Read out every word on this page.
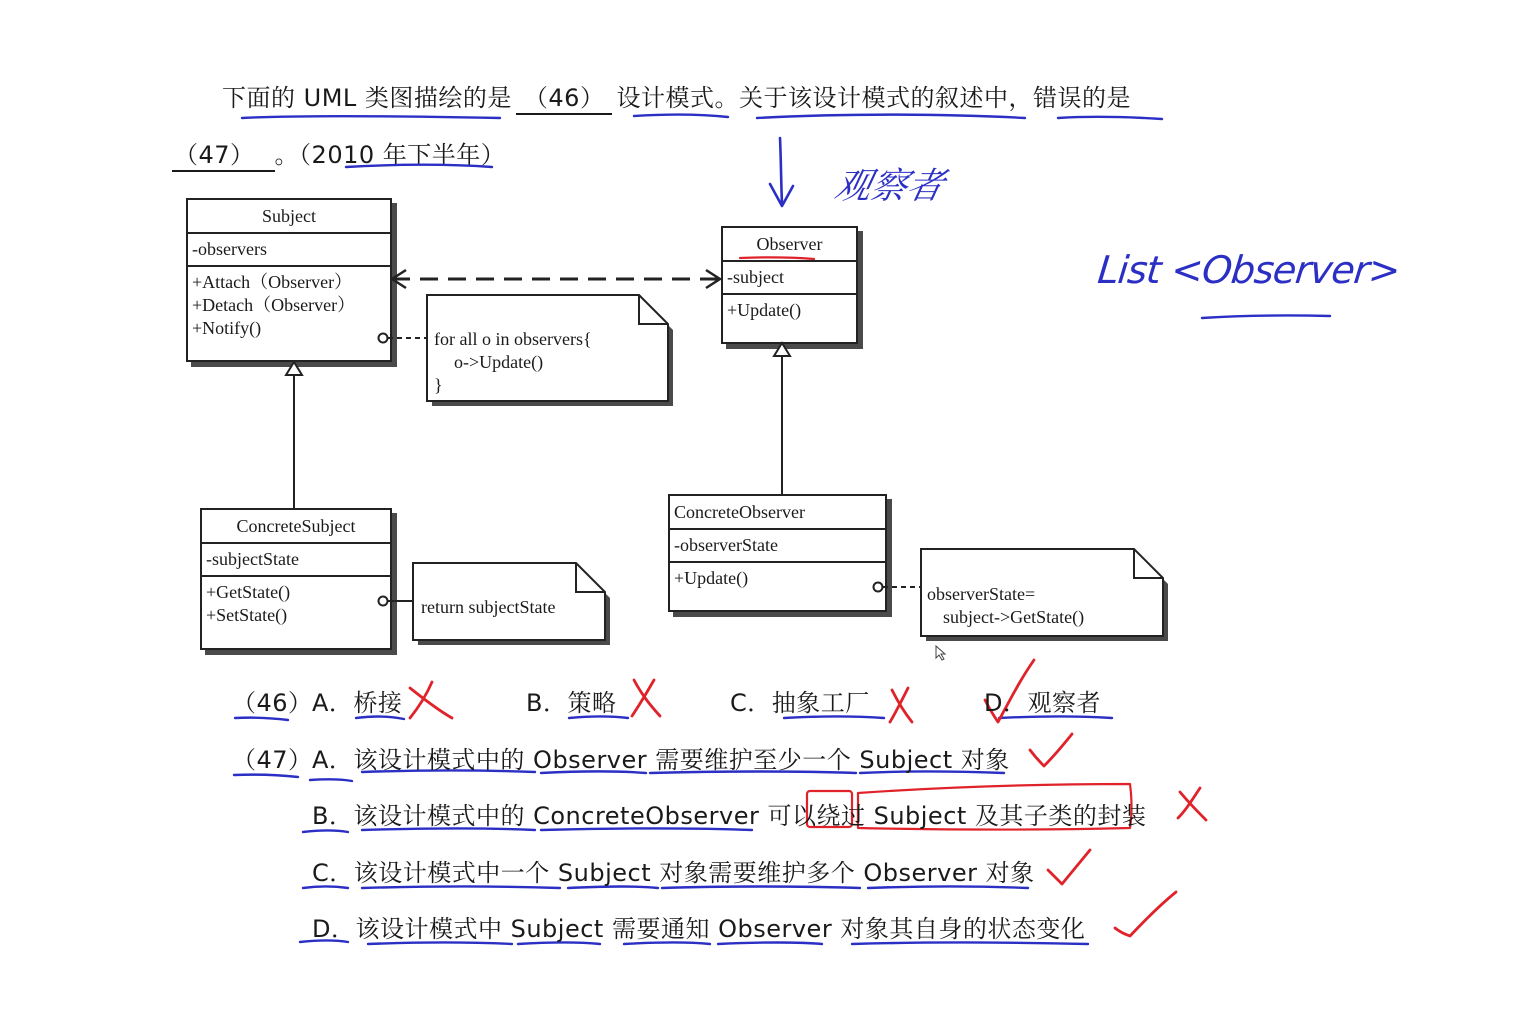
下面的 UML 类图描绘的是 （46） 设计模式。关于该设计模式的叙述中，错误的是
（47） 。（2010 年下半年）
Subject
-observers
+Attach（Observer）
+Detach（Observer）
+Notify()
Observer
-subject
+Update()
ConcreteSubject
-subjectState
+GetState()
+SetState()
ConcreteObserver
-observerState
+Update()
for all o in observers{
o->Update()
}
return subjectState
observerState=
subject->GetState()
观察者
List <Observer>
（46） A．桥接	B．策略	C．抽象工厂	D．观察者
（47） A．该设计模式中的 Observer 需要维护至少一个 Subject 对象
B．该设计模式中的 ConcreteObserver 可以绕过 Subject 及其子类的封装
C．该设计模式中一个 Subject 对象需要维护多个 Observer 对象
D．该设计模式中 Subject 需要通知 Observer 对象其自身的状态变化
